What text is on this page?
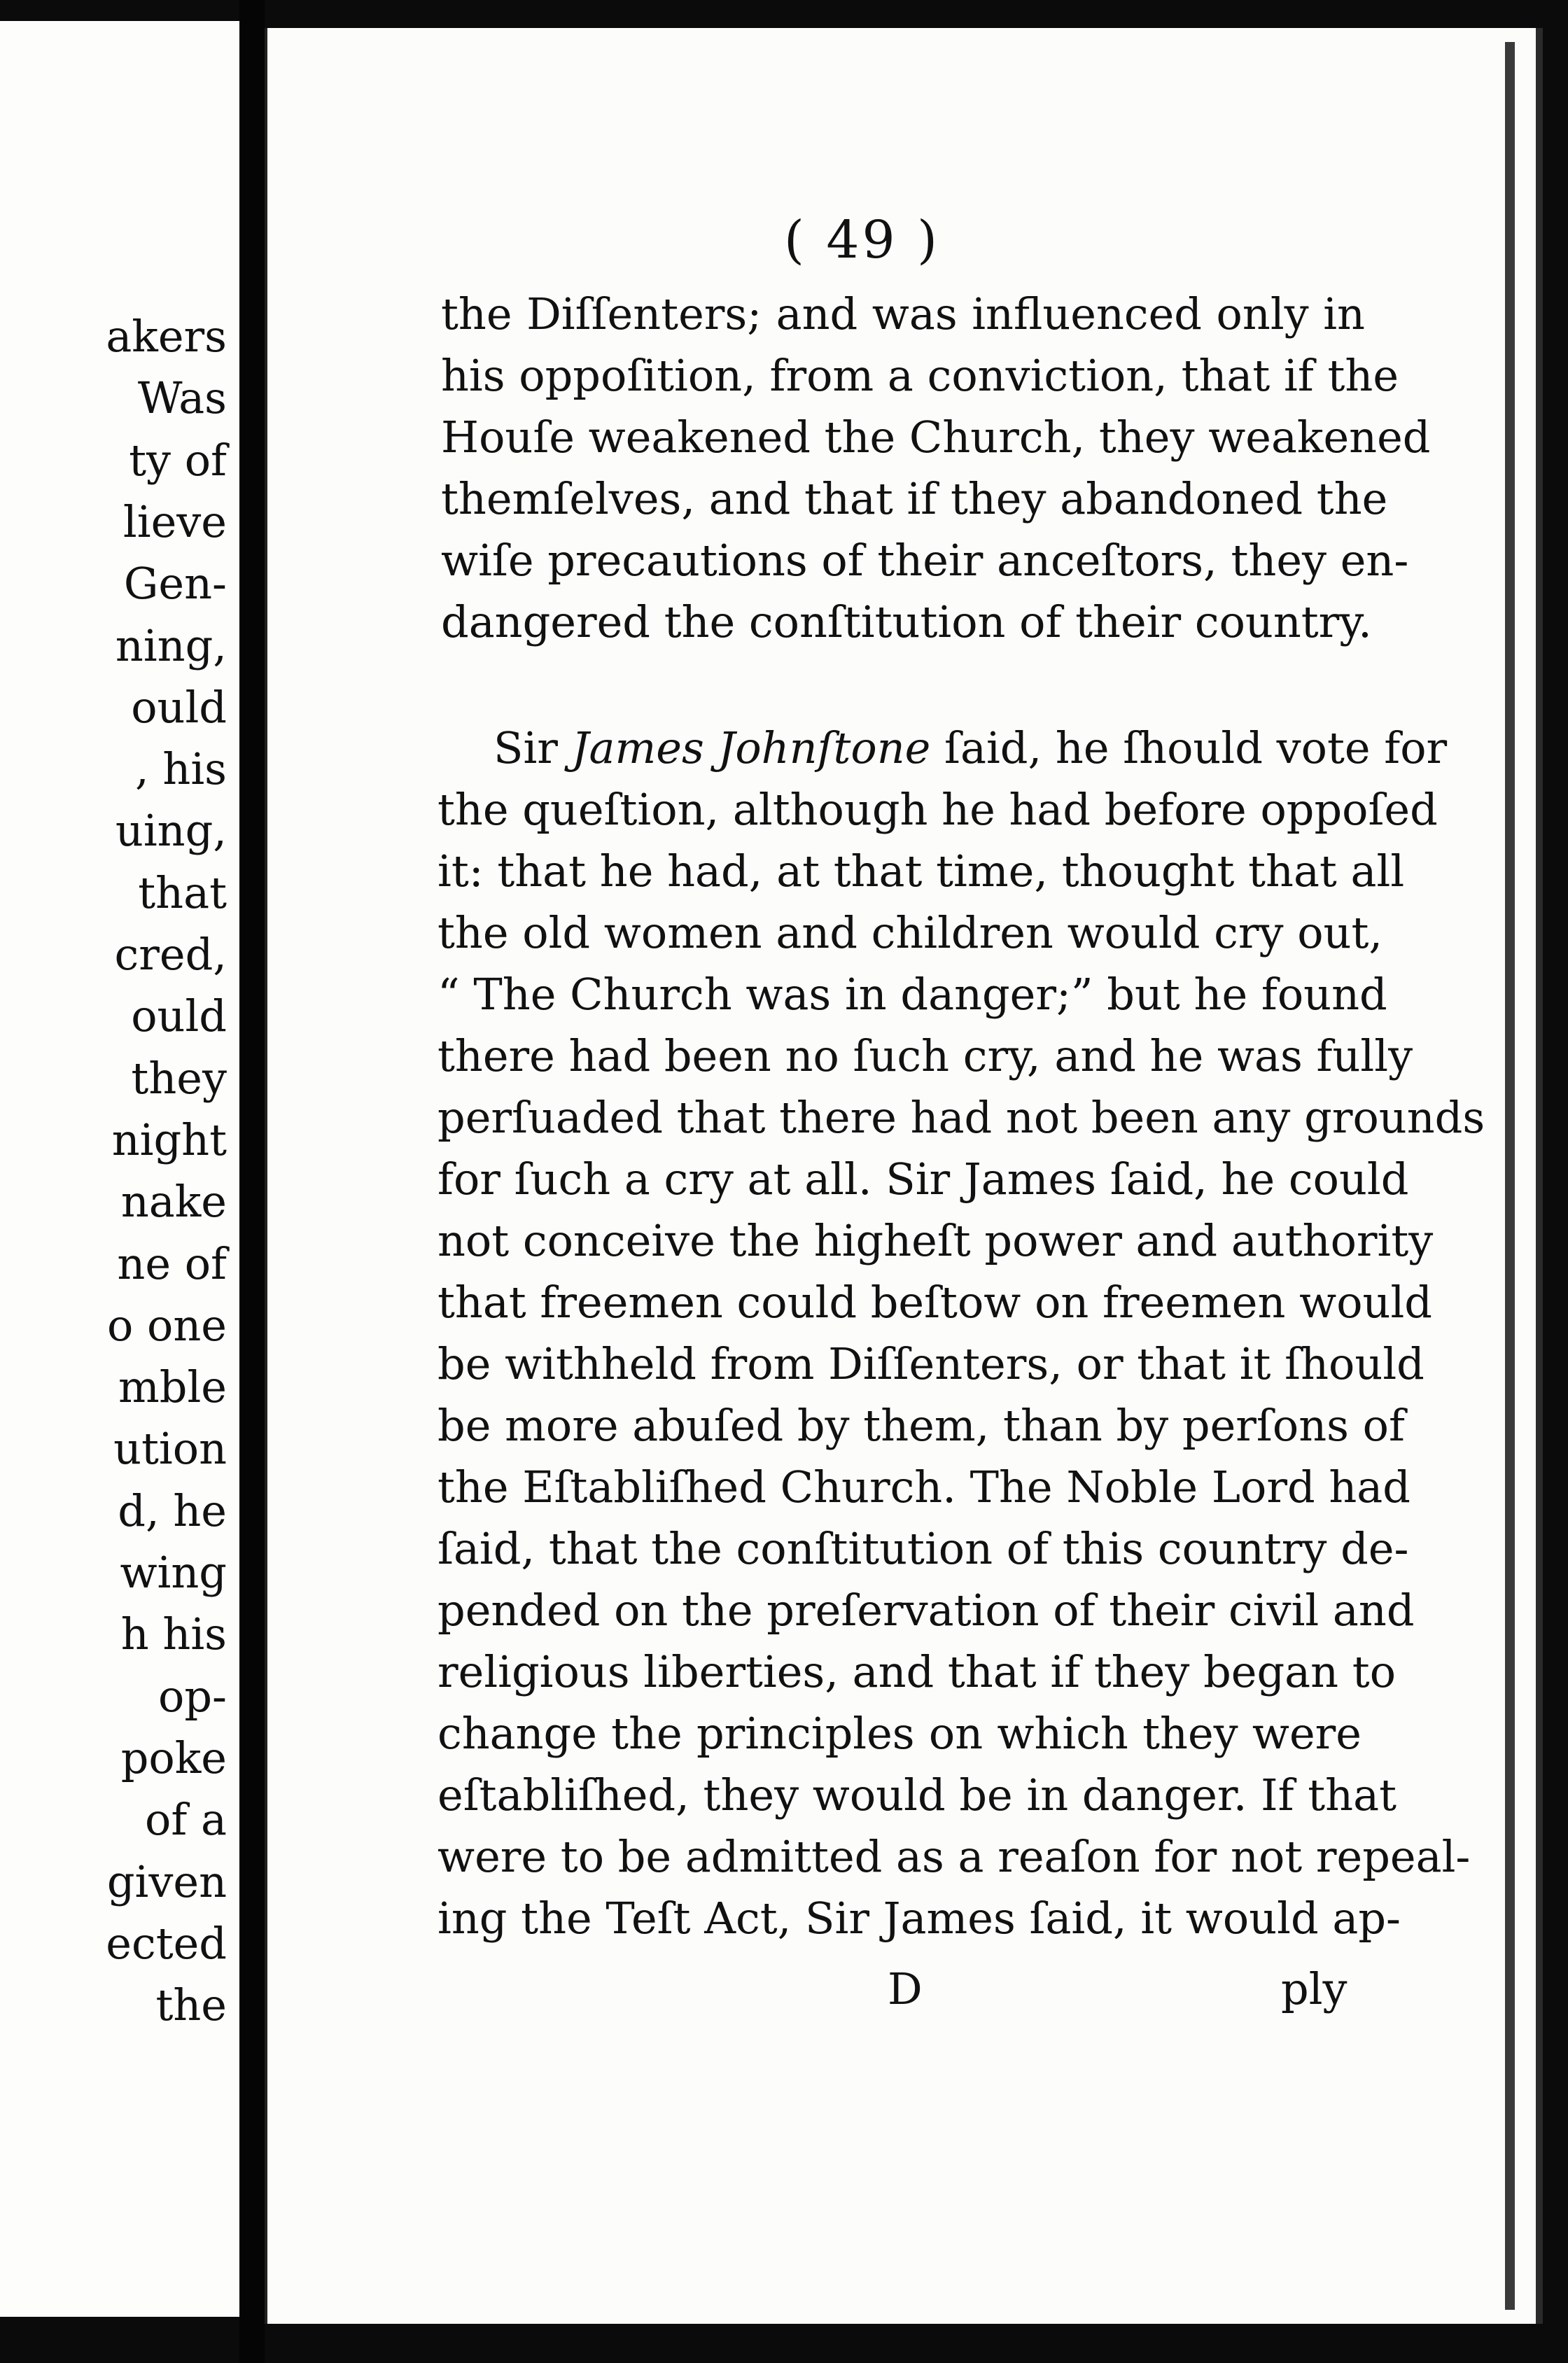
akers
Was
ty of
lieve
Gen-
ning,
ould
, his
uing,
that
cred,
ould
they
night
nake
ne of
o one
mble
ution
d, he
wing
h his
op-
poke
of a
given
ected
the
( 49 )
the Diſſenters; and was influenced only in
his oppoſition, from a conviction, that if the
Houſe weakened the Church, they weakened
themſelves, and that if they abandoned the
wiſe precautions of their anceſtors, they en-
dangered the conſtitution of their country.
Sir James Johnſtone ſaid, he ſhould vote for
the queſtion, although he had before oppoſed
it: that he had, at that time, thought that all
the old women and children would cry out,
“ The Church was in danger;” but he found
there had been no ſuch cry, and he was fully
perſuaded that there had not been any grounds
for ſuch a cry at all. Sir James ſaid, he could
not conceive the higheſt power and authority
that freemen could beſtow on freemen would
be withheld from Diſſenters, or that it ſhould
be more abuſed by them, than by perſons of
the Eſtabliſhed Church. The Noble Lord had
ſaid, that the conſtitution of this country de-
pended on the preſervation of their civil and
religious liberties, and that if they began to
change the principles on which they were
eſtabliſhed, they would be in danger. If that
were to be admitted as a reaſon for not repeal-
ing the Teſt Act, Sir James ſaid, it would ap-
D	ply
